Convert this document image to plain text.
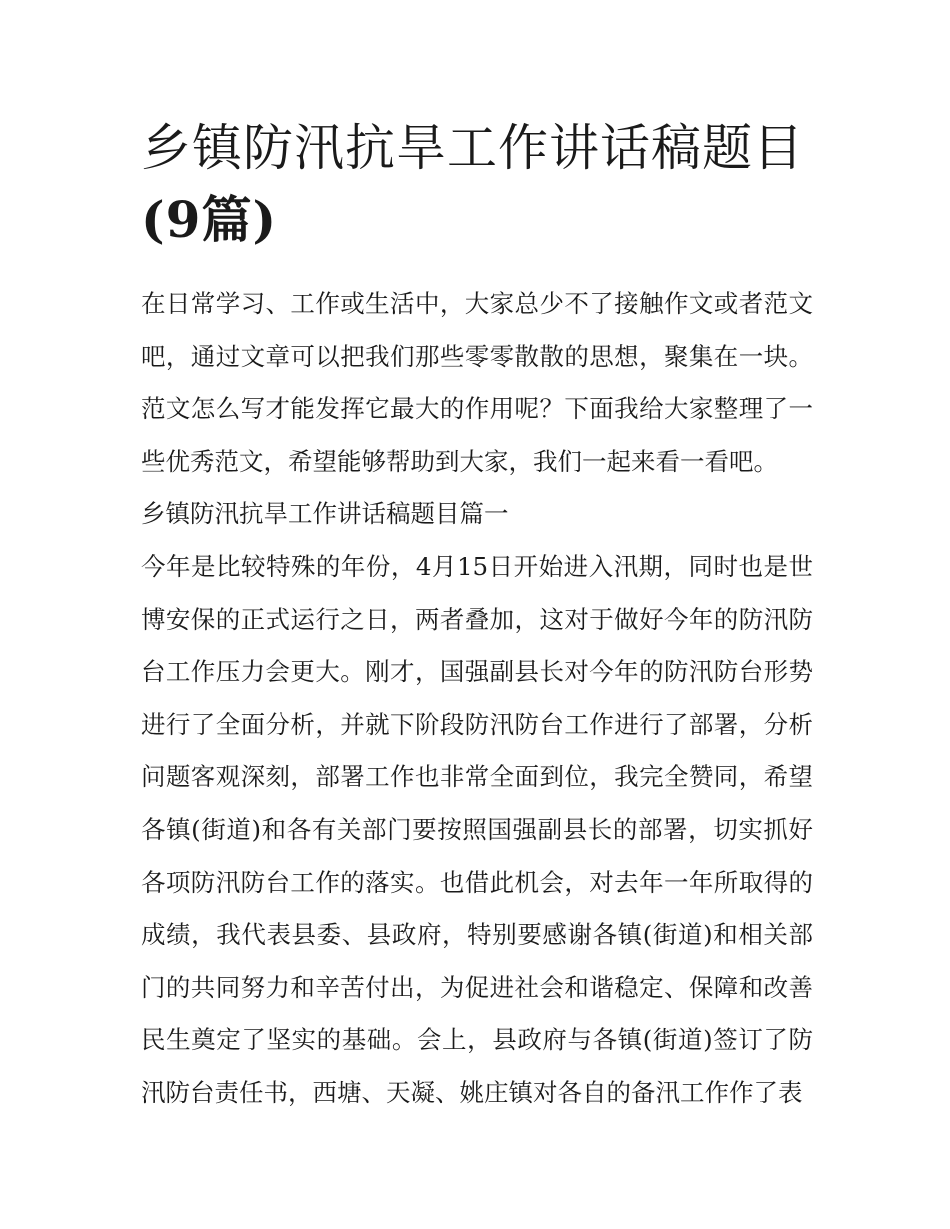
乡镇防汛抗旱工作讲话稿题目
(9篇)

在日常学习、工作或生活中，大家总少不了接触作文或者范文吧，通过文章可以把我们那些零零散散的思想，聚集在一块。范文怎么写才能发挥它最大的作用呢？下面我给大家整理了一些优秀范文，希望能够帮助到大家，我们一起来看一看吧。

乡镇防汛抗旱工作讲话稿题目篇一

今年是比较特殊的年份，4月15日开始进入汛期，同时也是世博安保的正式运行之日，两者叠加，这对于做好今年的防汛防台工作压力会更大。刚才，国强副县长对今年的防汛防台形势进行了全面分析，并就下阶段防汛防台工作进行了部署，分析问题客观深刻，部署工作也非常全面到位，我完全赞同，希望各镇(街道)和各有关部门要按照国强副县长的部署，切实抓好各项防汛防台工作的落实。也借此机会，对去年一年所取得的成绩，我代表县委、县政府，特别要感谢各镇(街道)和相关部门的共同努力和辛苦付出，为促进社会和谐稳定、保障和改善民生奠定了坚实的基础。会上，县政府与各镇(街道)签订了防汛防台责任书，西塘、天凝、姚庄镇对各自的备汛工作作了表
